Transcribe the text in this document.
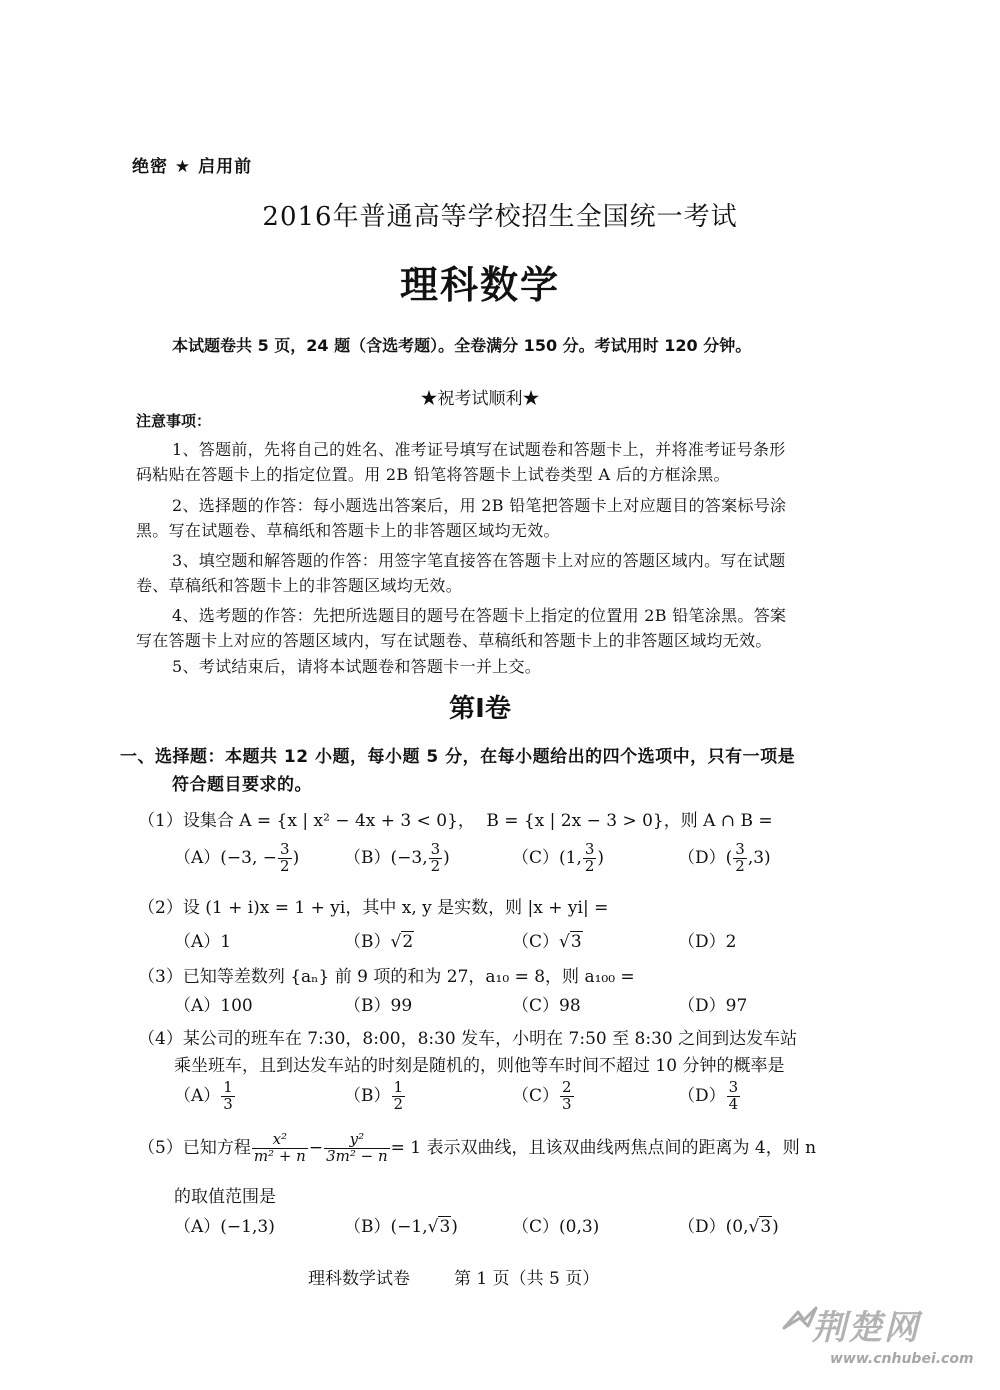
绝密 ★ 启用前
2016年普通高等学校招生全国统一考试
理科数学
本试题卷共 5 页，24 题（含选考题）。全卷满分 150 分。考试用时 120 分钟。
★祝考试顺利★
注意事项：
1、答题前，先将自己的姓名、准考证号填写在试题卷和答题卡上，并将准考证号条形
码粘贴在答题卡上的指定位置。用 2B 铅笔将答题卡上试卷类型 A 后的方框涂黑。
2、选择题的作答：每小题选出答案后，用 2B 铅笔把答题卡上对应题目的答案标号涂
黑。写在试题卷、草稿纸和答题卡上的非答题区域均无效。
3、填空题和解答题的作答：用签字笔直接答在答题卡上对应的答题区域内。写在试题
卷、草稿纸和答题卡上的非答题区域均无效。
4、选考题的作答：先把所选题目的题号在答题卡上指定的位置用 2B 铅笔涂黑。答案
写在答题卡上对应的答题区域内，写在试题卷、草稿纸和答题卡上的非答题区域均无效。
5、考试结束后，请将本试题卷和答题卡一并上交。
第Ⅰ卷
一、选择题：本题共 12 小题，每小题 5 分，在每小题给出的四个选项中，只有一项是
符合题目要求的。
（1）设集合 A = {x | x² − 4x + 3 < 0}， B = {x | 2x − 3 > 0}，则 A ∩ B =
（A）(−3, − $\frac{3}{2}$ )	（B）(−3, $\frac{3}{2}$ )	（C）(1, $\frac{3}{2}$ )	$(D)( \frac{3}{2} ,3)$
（2）设 (1 + i)x = 1 + yi，其中 x, y 是实数，则 |x + yi| =
（A）1	（B）√2	（C）√3	（D）2
（3）已知等差数列 {aₙ} 前 9 项的和为 27，a₁₀ = 8，则 a₁₀₀ =
（A）100	（B）99	（C）98	（D）97
（4）某公司的班车在 7:30，8:00，8:30 发车，小明在 7:50 至 8:30 之间到达发车站
乘坐班车，且到达发车站的时刻是随机的，则他等车时间不超过 10 分钟的概率是
$(A) \frac{1}{3}$	$(B) \frac{1}{2}$	$(C) \frac{2}{3}$	$(D) \frac{3}{4}$
（5）已知方程 $\frac{\text{x²}}{\text{m² + n}} - \frac{\text{y²}}{\text{3m² − n}} = 1$ 表示双曲线，且该双曲线两焦点间的距离为 4，则 n
的取值范围是
（A）(−1,3)	（B）(−1,√3)	（C）(0,3)	（D）(0,√3)
理科数学试卷	第 1 页（共 5 页）
荆楚网
www.cnhubei.com
